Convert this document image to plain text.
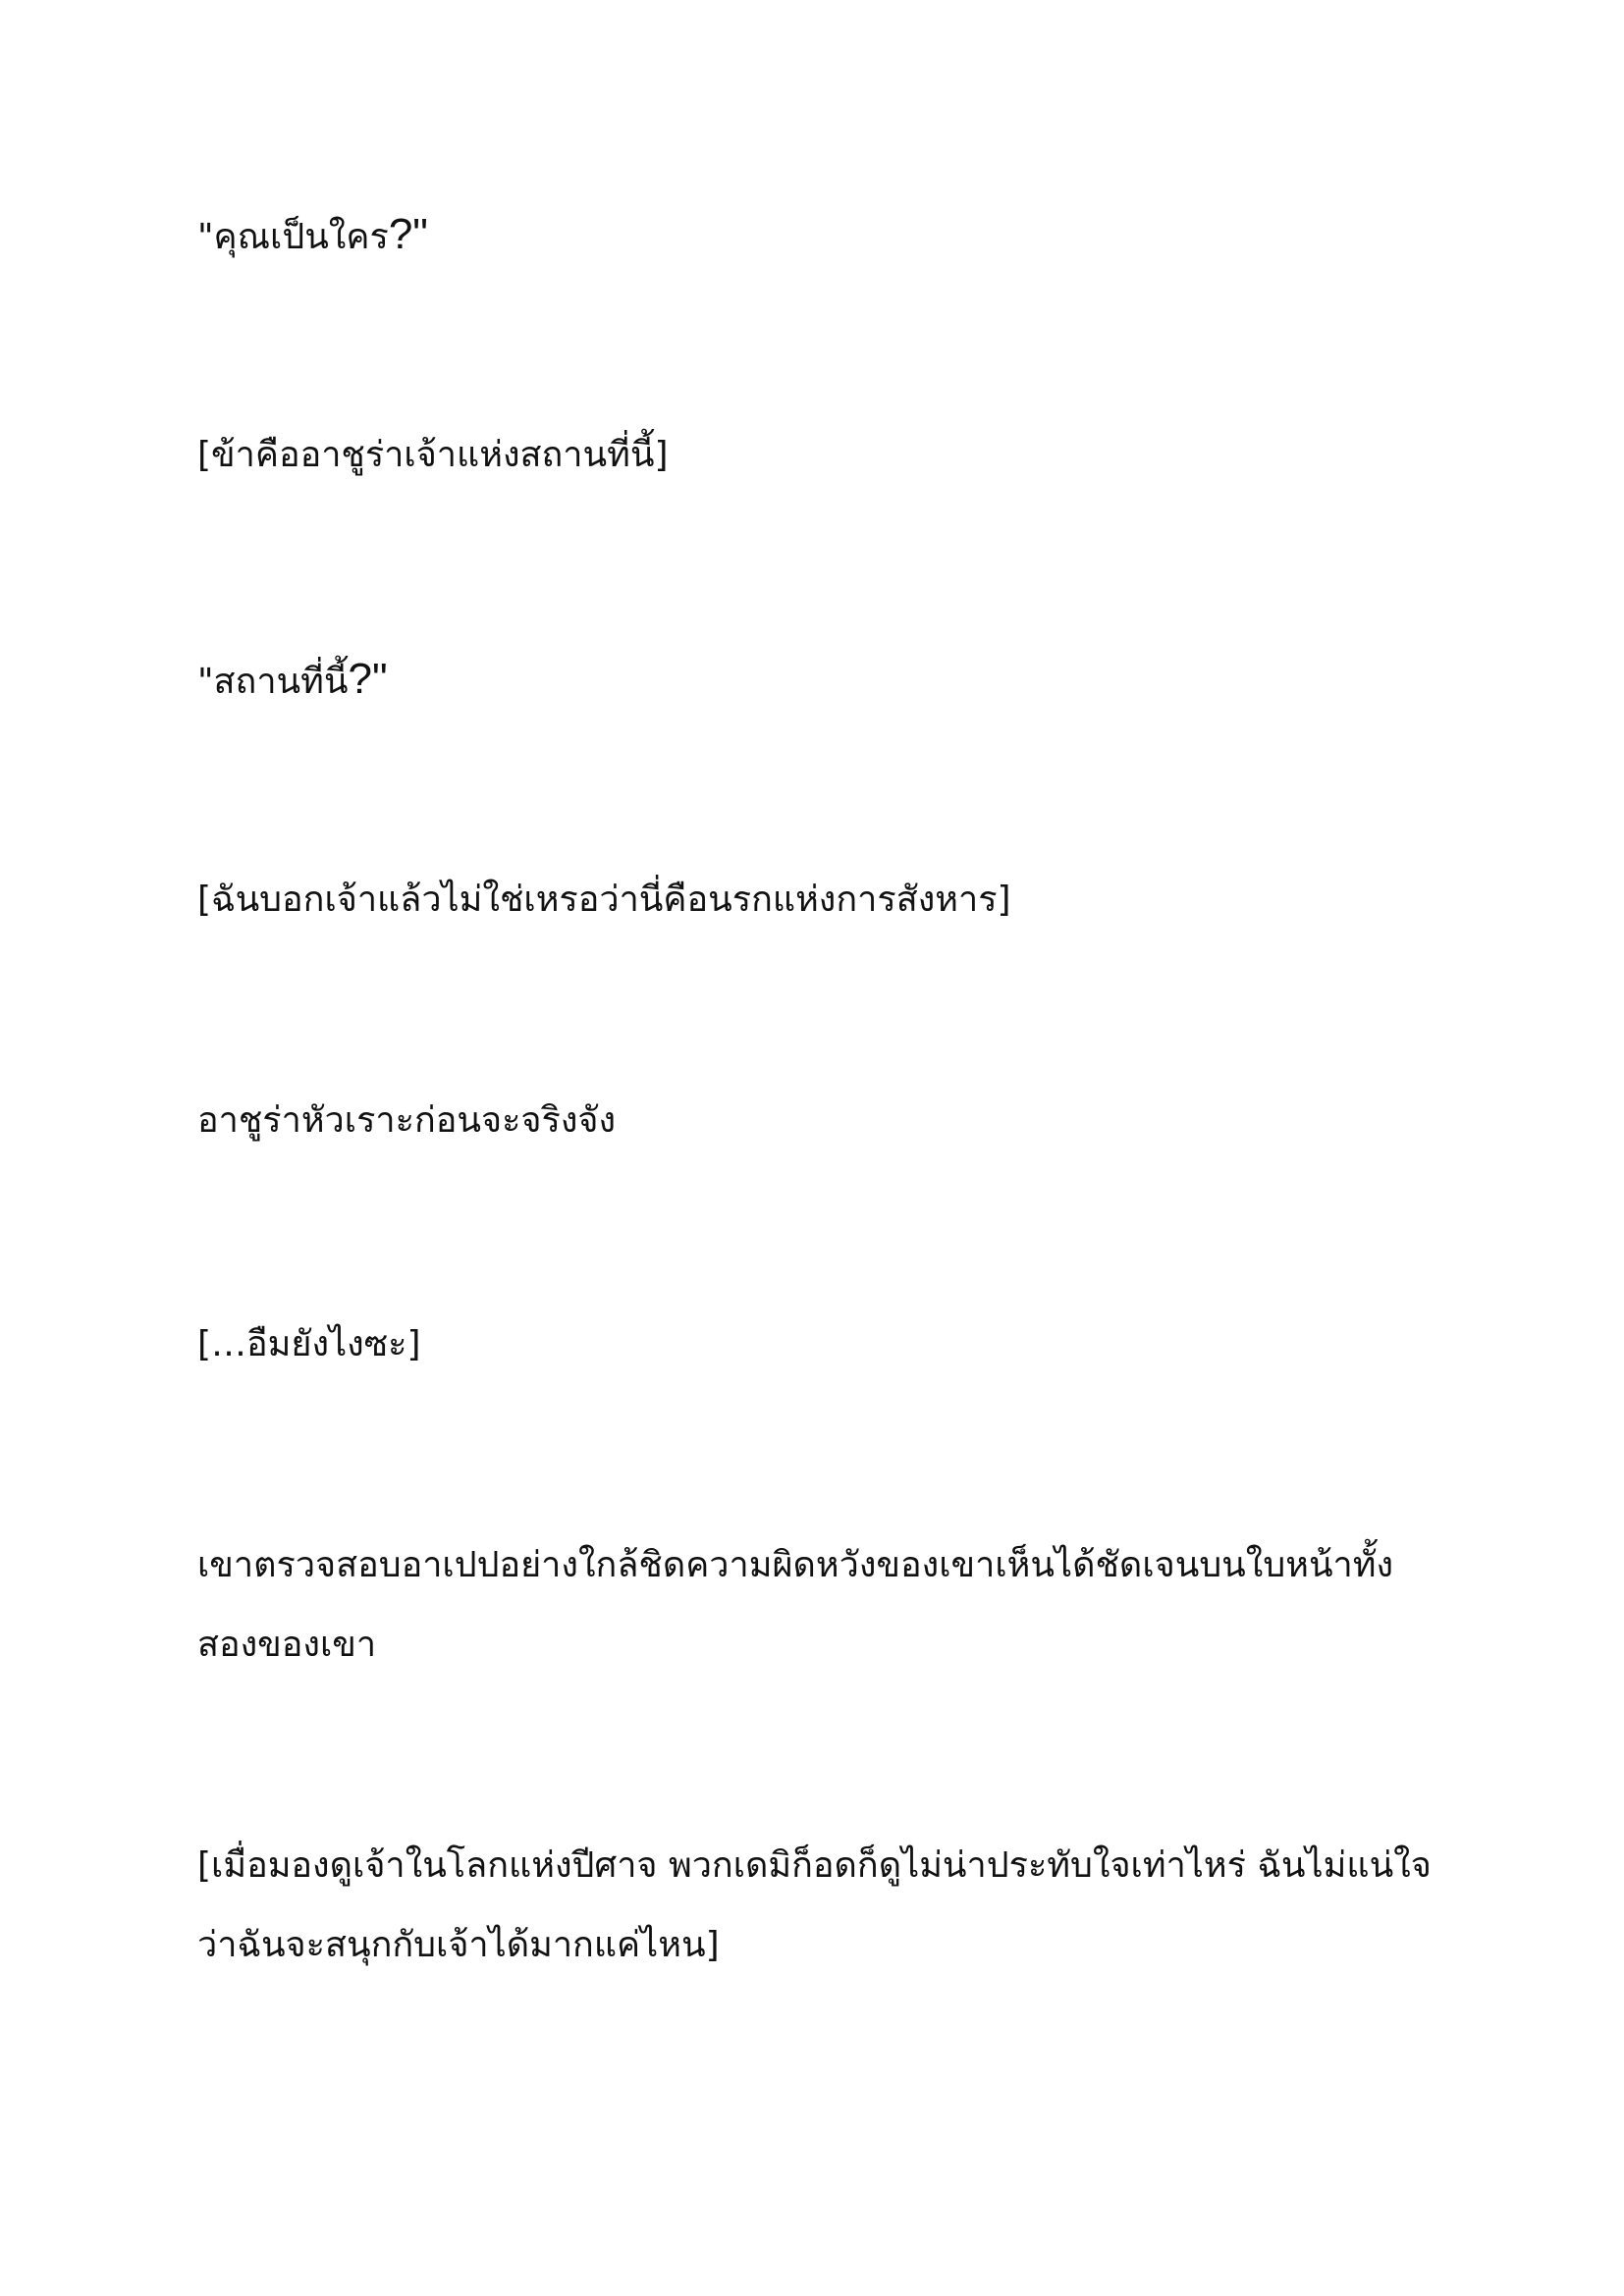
"คุณเป็นใคร?"

[ข้าคืออาชูร่าเจ้าแห่งสถานที่นี้]

"สถานที่นี้?"

[ฉันบอกเจ้าแล้วไม่ใช่เหรอว่านี่คือนรกแห่งการสังหาร]

อาชูร่าหัวเราะก่อนจะจริงจัง

[…อืมยังไงซะ]

เขาตรวจสอบอาเปปอย่างใกล้ชิดความผิดหวังของเขาเห็นได้ชัดเจนบนใบหน้าทั้งสองของเขา

[เมื่อมองดูเจ้าในโลกแห่งปีศาจ พวกเดมิก็อดก็ดูไม่น่าประทับใจเท่าไหร่ ฉันไม่แน่ใจว่าฉันจะสนุกกับเจ้าได้มากแค่ไหน]
